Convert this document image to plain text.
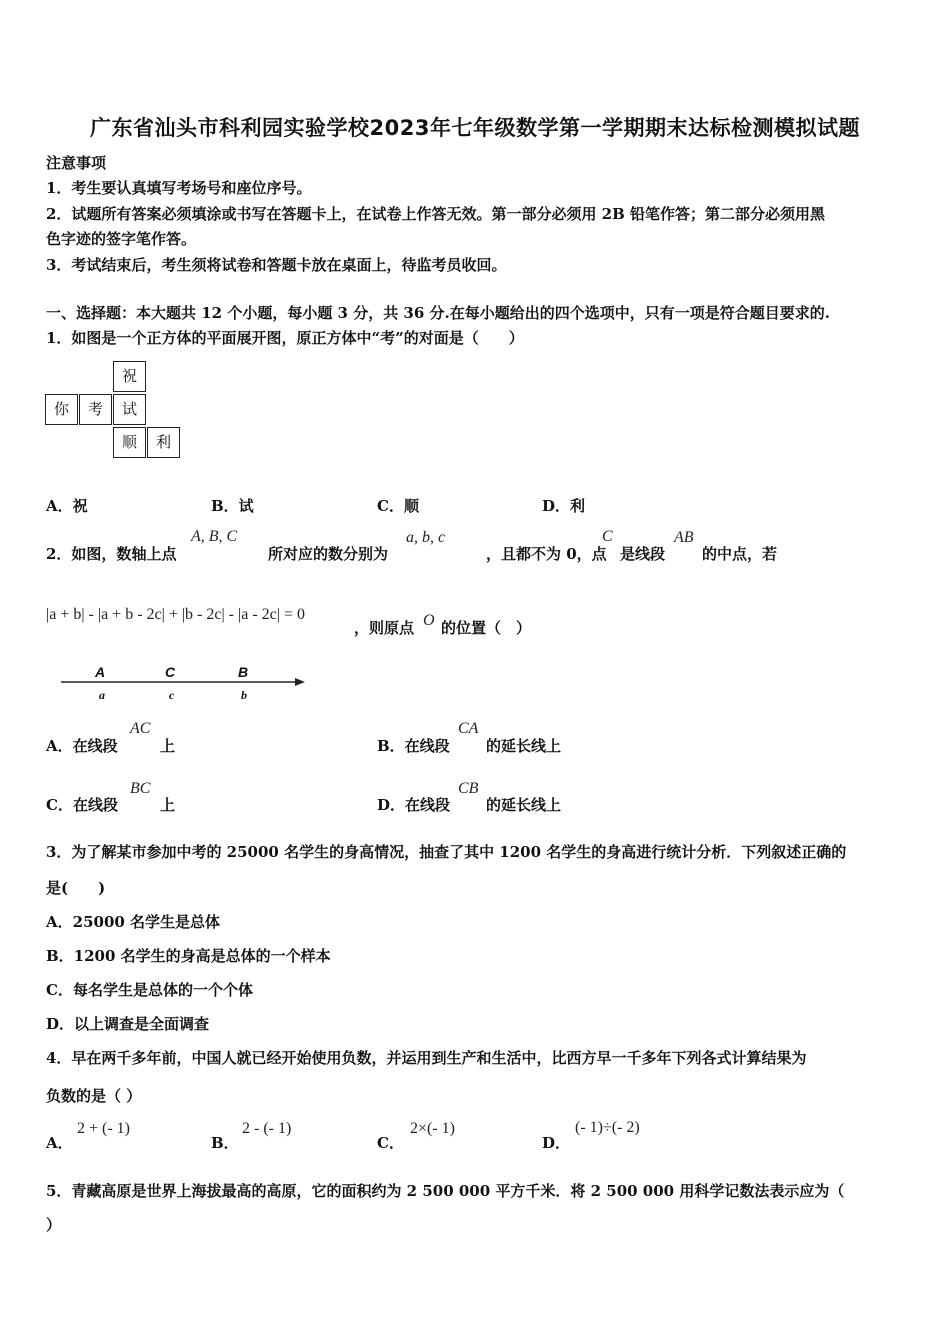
广东省汕头市科利园实验学校2023年七年级数学第一学期期末达标检测模拟试题
注意事项
1．考生要认真填写考场号和座位序号。
2．试题所有答案必须填涂或书写在答题卡上，在试卷上作答无效。第一部分必须用 2B 铅笔作答；第二部分必须用黑
色字迹的签字笔作答。
3．考试结束后，考生须将试卷和答题卡放在桌面上，待监考员收回。
一、选择题：本大题共 12 个小题，每小题 3 分，共 36 分.在每小题给出的四个选项中，只有一项是符合题目要求的.
1．如图是一个正方体的平面展开图，原正方体中“考”的对面是（　　）
祝
你	考	试
顺	利
A．祝	B．试	C．顺	D．利
2．如图，数轴上点
A, B, C
所对应的数分别为
a, b, c
，且都不为 0，点
C
是线段
AB
的中点，若
|a + b| - |a + b - 2c| + |b - 2c| - |a - 2c| = 0
，则原点 O 的位置（　）
A	C	B
a	c	b
A．在线段
AC
上	B．在线段
CA
的延长线上
C．在线段
BC
上	D．在线段
CB
的延长线上
3．为了解某市参加中考的 25000 名学生的身高情况，抽查了其中 1200 名学生的身高进行统计分析．下列叙述正确的
是(　　)
A．25000 名学生是总体
B．1200 名学生的身高是总体的一个样本
C．每名学生是总体的一个个体
D．以上调查是全面调查
4．早在两千多年前，中国人就已经开始使用负数，并运用到生产和生活中，比西方早一千多年下列各式计算结果为
负数的是（ ）
A．
2 + (- 1)
B．
2 - (- 1)
C．
2×(- 1)
D．
(- 1)÷(- 2)
5．青藏高原是世界上海拔最高的高原，它的面积约为 2 500 000 平方千米．将 2 500 000 用科学记数法表示应为（
）
